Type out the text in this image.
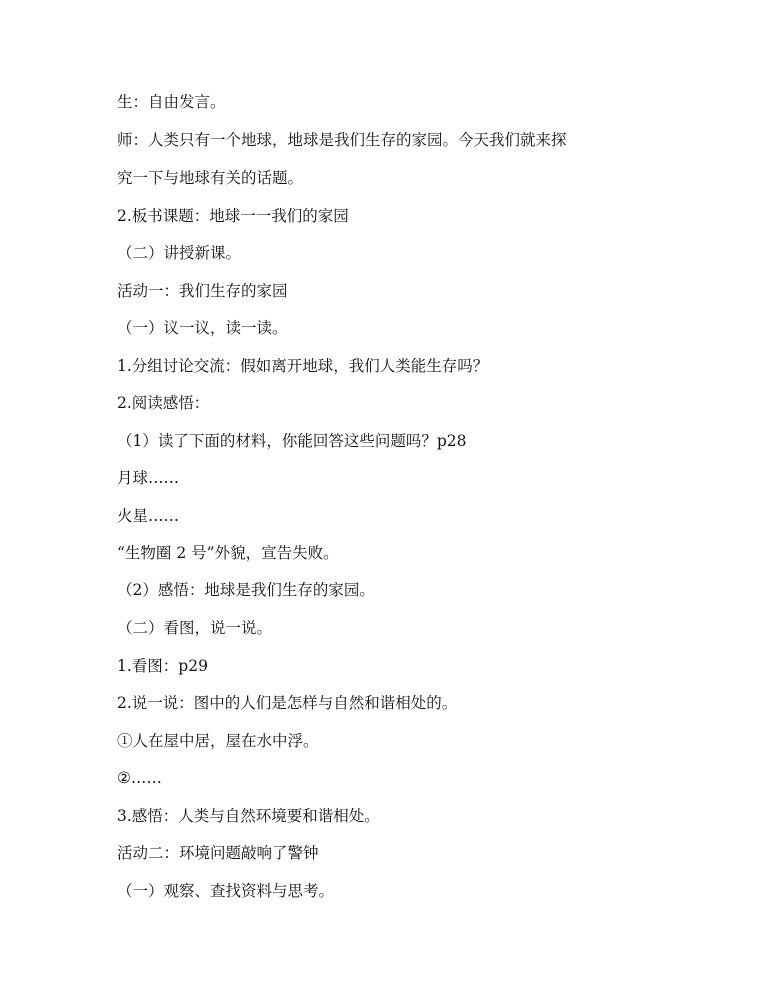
生：自由发言。

师：人类只有一个地球，地球是我们生存的家园。今天我们就来探

究一下与地球有关的话题。

2.板书课题：地球一一我们的家园

（二）讲授新课。

活动一：我们生存的家园

（一）议一议，读一读。

1.分组讨论交流：假如离开地球，我们人类能生存吗？

2.阅读感悟：

（1）读了下面的材料，你能回答这些问题吗？p28

月球……

火星……

“生物圈 2 号”外貌，宣告失败。

（2）感悟：地球是我们生存的家园。

（二）看图，说一说。

1.看图：p29

2.说一说：图中的人们是怎样与自然和谐相处的。

①人在屋中居，屋在水中浮。

②……

3.感悟：人类与自然环境要和谐相处。

活动二：环境问题敲响了警钟

（一）观察、查找资料与思考。
